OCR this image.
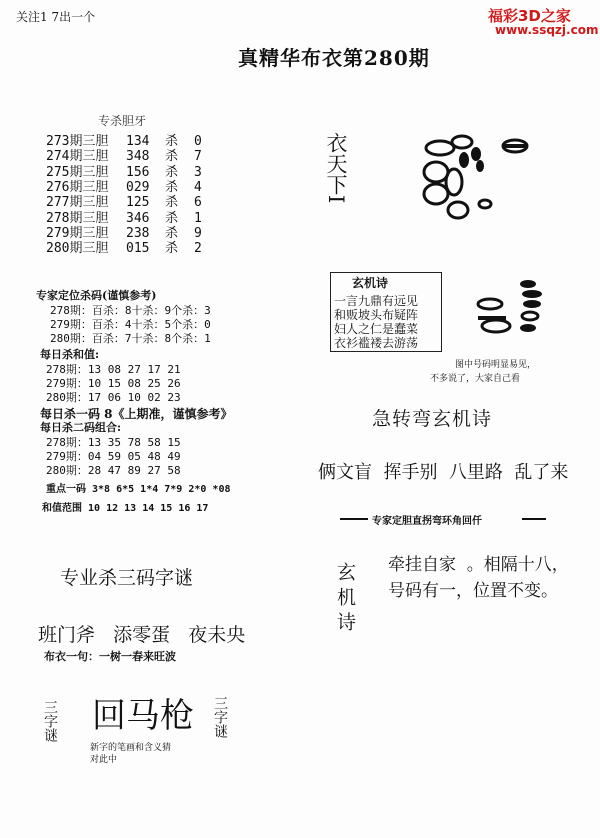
福彩3D之家
www.ssqzj.com
关注1 7出一个
真精华布衣第280期
专杀胆牙
273期三胆 134 杀 0
274期三胆 348 杀 7
275期三胆 156 杀 3
276期三胆 029 杀 4
277期三胆 125 杀 6
278期三胆 346 杀 1
279期三胆 238 杀 9
280期三胆 015 杀 2
专家定位杀码(谨慎参考)
278期：百杀：8十杀：9个杀：3
279期：百杀：4十杀：5个杀：0
280期：百杀：7十杀：8个杀：1
每日杀和值:
278期：13 08 27 17 21
279期：10 15 08 25 26
280期：17 06 10 02 23
每日杀一码 8《上期准，谨慎参考》
每日杀二码组合:
278期：13 35 78 58 15
279期：04 59 05 48 49
280期：28 47 89 27 58
重点一码 3*8 6*5 1*4 7*9 2*0 *08
和值范围 10 12 13 14 15 16 17
专业杀三码字谜
班门斧   添零蛋   夜未央
布衣一句：一树一春来旺波
三字谜 回马枪 三字谜
新字的笔画和含义猜
对此中
衣天下I
玄机诗
一言九鼎有远见
和贩坡头布疑阵
妇人之仁是蠢菜
衣衫褴褛去游荡
图中号码明显易见，
不多说了，大家自己看
急转弯玄机诗
俩文盲  挥手别  八里路  乱了来
专家定胆直拐弯环角回仟
玄机诗 牵挂自家  。相隔十八，
号码有一，位置不变。
